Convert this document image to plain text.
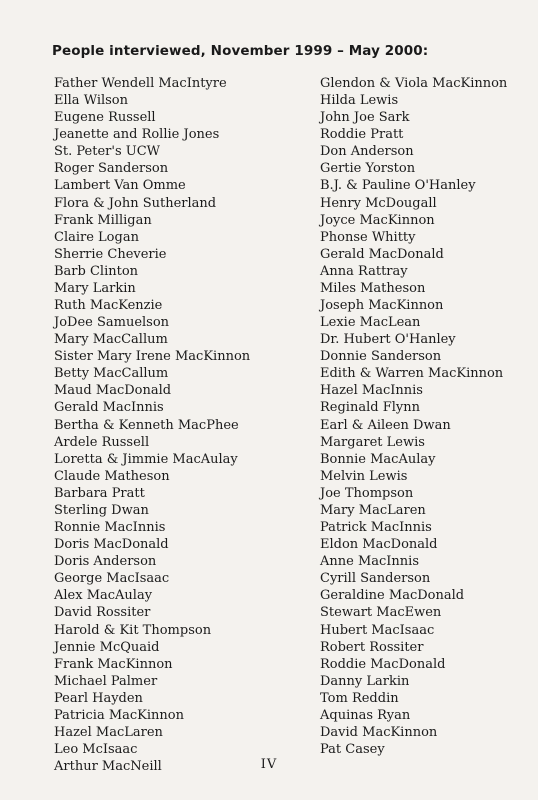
People interviewed, November 1999 – May 2000:
Father Wendell MacIntyre
Ella Wilson
Eugene Russell
Jeanette and Rollie Jones
St. Peter's UCW
Roger Sanderson
Lambert Van Omme
Flora & John Sutherland
Frank Milligan
Claire Logan
Sherrie Cheverie
Barb Clinton
Mary Larkin
Ruth MacKenzie
JoDee Samuelson
Mary MacCallum
Sister Mary Irene MacKinnon
Betty MacCallum
Maud MacDonald
Gerald MacInnis
Bertha & Kenneth MacPhee
Ardele Russell
Loretta & Jimmie MacAulay
Claude Matheson
Barbara Pratt
Sterling Dwan
Ronnie MacInnis
Doris MacDonald
Doris Anderson
George MacIsaac
Alex MacAulay
David Rossiter
Harold & Kit Thompson
Jennie McQuaid
Frank MacKinnon
Michael Palmer
Pearl Hayden
Patricia MacKinnon
Hazel MacLaren
Leo McIsaac
Arthur MacNeill
Glendon & Viola MacKinnon
Hilda Lewis
John Joe Sark
Roddie Pratt
Don Anderson
Gertie Yorston
B.J. & Pauline O'Hanley
Henry McDougall
Joyce MacKinnon
Phonse Whitty
Gerald MacDonald
Anna Rattray
Miles Matheson
Joseph MacKinnon
Lexie MacLean
Dr. Hubert O'Hanley
Donnie Sanderson
Edith & Warren MacKinnon
Hazel MacInnis
Reginald Flynn
Earl & Aileen Dwan
Margaret Lewis
Bonnie MacAulay
Melvin Lewis
Joe Thompson
Mary MacLaren
Patrick MacInnis
Eldon MacDonald
Anne MacInnis
Cyrill Sanderson
Geraldine MacDonald
Stewart MacEwen
Hubert MacIsaac
Robert Rossiter
Roddie MacDonald
Danny Larkin
Tom Reddin
Aquinas Ryan
David MacKinnon
Pat Casey
IV
